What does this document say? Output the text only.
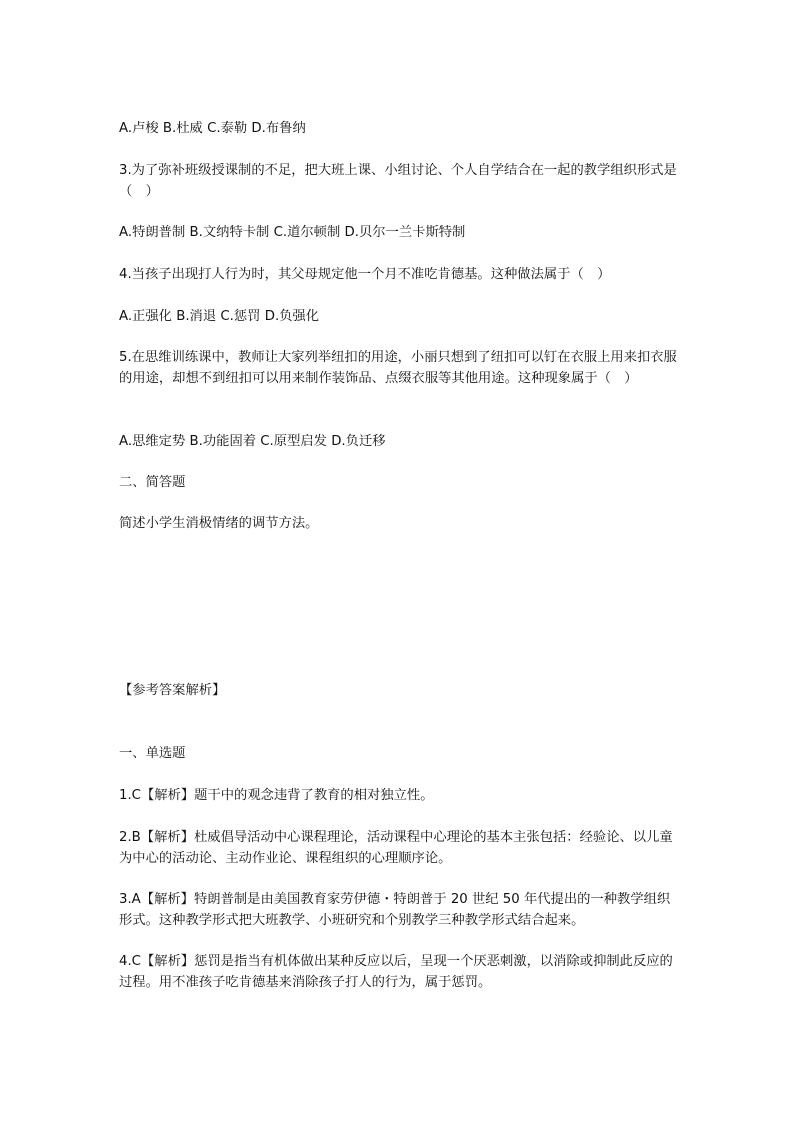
A.卢梭 B.杜威 C.泰勒 D.布鲁纳
3.为了弥补班级授课制的不足，把大班上课、小组讨论、个人自学结合在一起的教学组织形式是（　）
A.特朗普制 B.文纳特卡制 C.道尔顿制 D.贝尔一兰卡斯特制
4.当孩子出现打人行为时，其父母规定他一个月不准吃肯德基。这种做法属于（　）
A.正强化 B.消退 C.惩罚 D.负强化
5.在思维训练课中，教师让大家列举纽扣的用途，小丽只想到了纽扣可以钉在衣服上用来扣衣服的用途，却想不到纽扣可以用来制作装饰品、点缀衣服等其他用途。这种现象属于（　）
A.思维定势 B.功能固着 C.原型启发 D.负迁移
二、简答题
简述小学生消极情绪的调节方法。
【参考答案解析】
一、单选题
1.C【解析】题干中的观念违背了教育的相对独立性。
2.B【解析】杜威倡导活动中心课程理论，活动课程中心理论的基本主张包括：经验论、以儿童为中心的活动论、主动作业论、课程组织的心理顺序论。
3.A【解析】特朗普制是由美国教育家劳伊德・特朗普于 20 世纪 50 年代提出的一种教学组织形式。这种教学形式把大班教学、小班研究和个别教学三种教学形式结合起来。
4.C【解析】惩罚是指当有机体做出某种反应以后，呈现一个厌恶刺激，以消除或抑制此反应的过程。用不准孩子吃肯德基来消除孩子打人的行为，属于惩罚。
